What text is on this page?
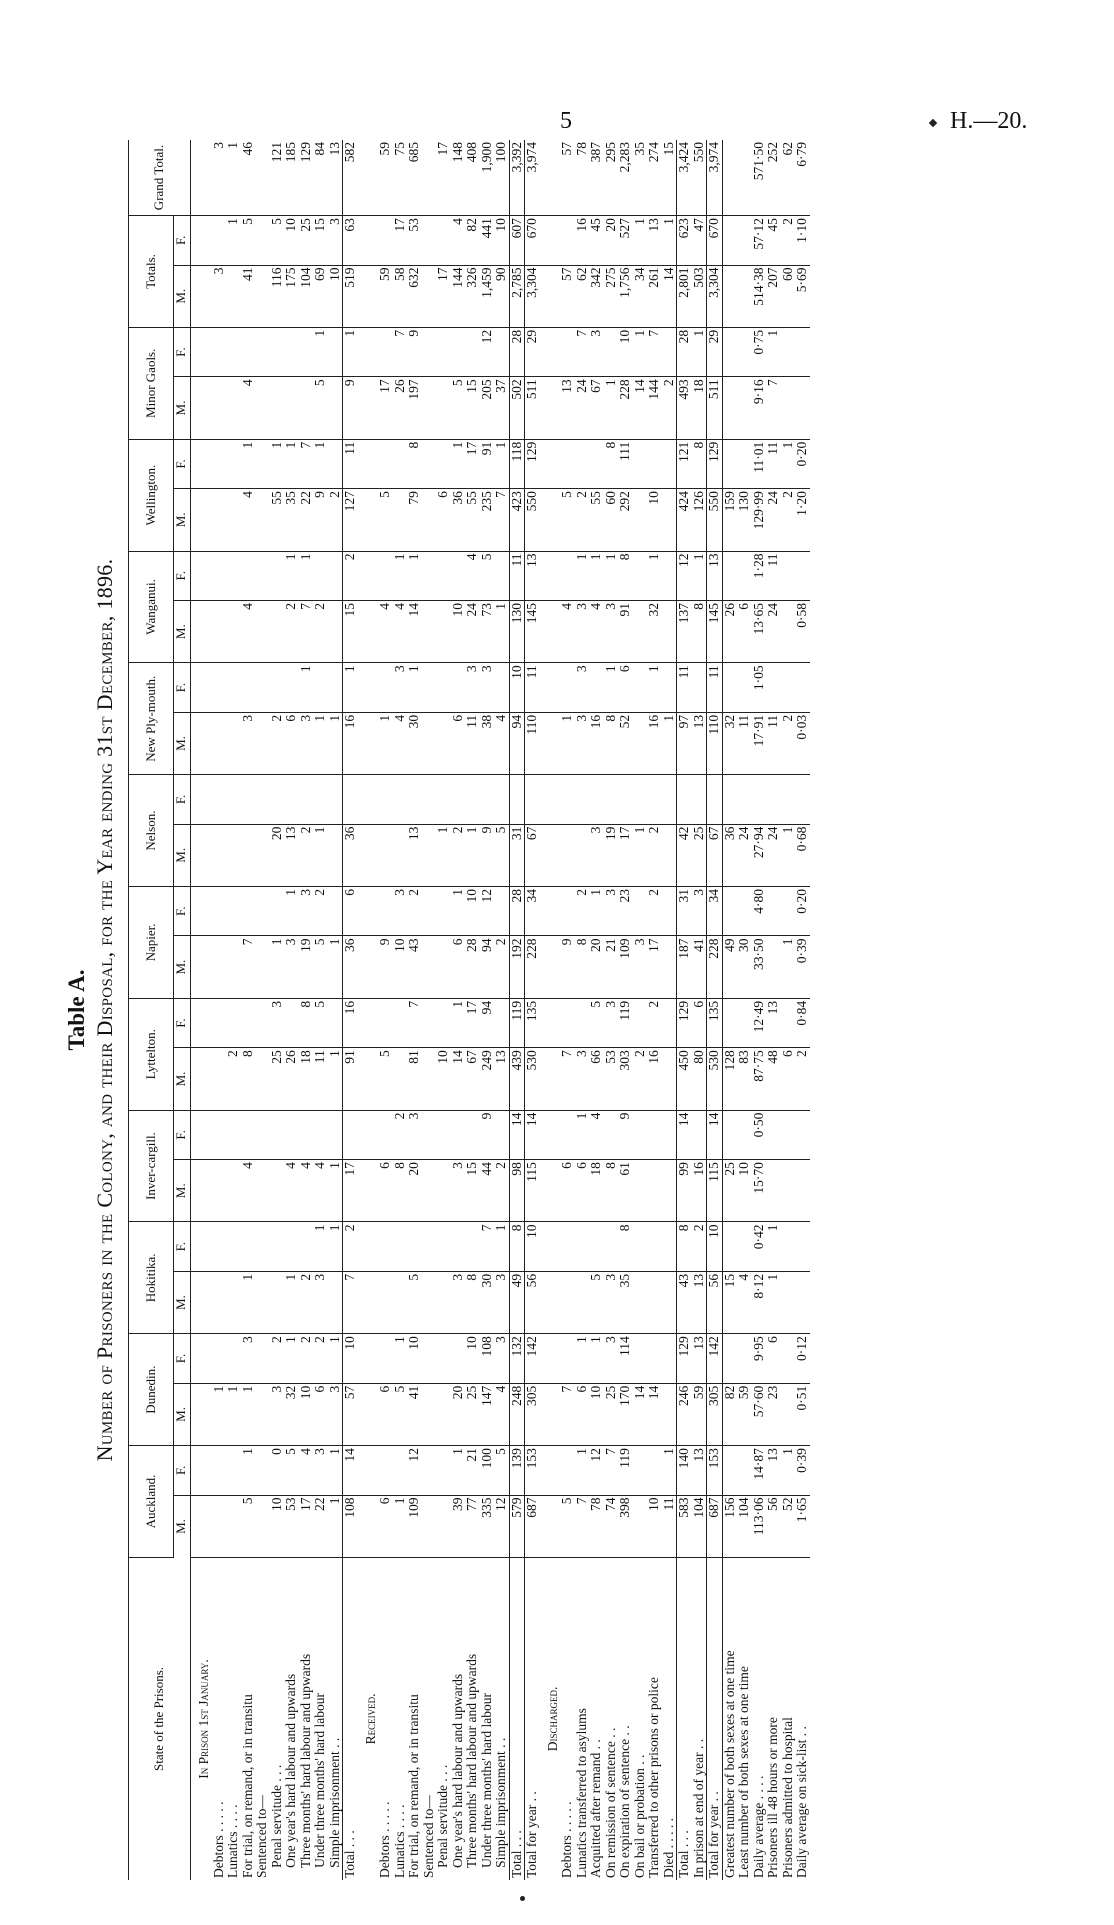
5	H.—20.
Table A. Number of Prisoners in the Colony, and their Disposal, for the Year ending 31st December, 1896.
State of the Prisons.	Auckland.		Dunedin.		Hokitika.		Inver-cargill.		Lyttelton.		Napier.		Nelson.		New Ply-mouth.		Wanganui.		Wellington.		Minor Gaols.		Totals.		Grand Total.
	M.	F.	M.	F.	M.	F.	M.	F.	M.	F.	M.	F.	M.	F.	M.	F.	M.	F.	M.	F.	M.	F.	M.	F.	
In Prison 1st January.																									
Debtors . . . . .			1																				3		3
Lunatics . . . .			1						2															1	1
For trial, on remand, or in transitu	5	1	1	3	1		4		8		7				3		4		4	1	4		41	5	46
Sentenced to—																									
Penal servitude . . .	10	0	3	2					25	3	1		20		2				55	1			116	5	121
One year's hard labour and upwards	53	5	32	1	1		4		26		3	1	13		6		2	1	35	1			175	10	185
Three months' hard labour and upwards	17	4	10	2	2		4		18	8	19	3	2		3	1	7	1	22	7			104	25	129
Under three months' hard labour	22	3	6	2	3	1	4		11	5	5	2	1		1		2		9	1	5	1	69	15	84
Simple imprisonment . .	1	1	3	1		1	1		1		1				1				2				10	3	13
Total . . .	108	14	57	10	7	2	17		91	16	36	6	36		16	1	15	2	127	11	9	1	519	63	582
Received.																									
Debtors . . . . .	6		6				6		5		9				1		4		5		17		59		59
Lunatics . . . .	1		5	1			8	2			10	3			4	3	4	1			26	7	58	17	75
For trial, on remand, or in transitu	109	12	41	10	5		20	3	81	7	43	2	13		30	1	14	1	79	8	197	9	632	53	685
Sentenced to—																									
Penal servitude . . .									10				1						6				17		17
One year's hard labour and upwards	39	1	20		3		3		14	1	6	1	2		6		10		36	1	5		144	4	148
Three months' hard labour and upwards	77	21	25	10	8		15		67	17	28	10	1		11	3	24	4	55	17	15		326	82	408
Under three months' hard labour	335	100	147	108	30	7	44	9	249	94	94	12	9		38	3	73	5	235	91	205	12	1,459	441	1,900
Simple imprisonment . .	12	5	4	3	3	1	2		13		2		5		4		1		7	1	37		90	10	100
Total . . .	579	139	248	132	49	8	98	14	439	119	192	28	31		94	10	130	11	423	118	502	28	2,785	607	3,392
Total for year . .	687	153	305	142	56	10	115	14	530	135	228	34	67		110	11	145	13	550	129	511	29	3,304	670	3,974
Discharged.																									
Debtors . . . . .	5		7				6		7		9				1		4		5		13		57		57
Lunatics transferred to asylums	7	1	6	1			6	1	3		8	2			3	3	3	1	2		24	7	62	16	78
Acquitted after remand . .	78	12	10	1	5		18	4	66	5	20	1	3		16		4	1	55		67	3	342	45	387
On remission of sentence . .	74	7	25	3	3		8		53	3	21	3	19		8	1	3	1	60	8	1		275	20	295
On expiration of sentence . .	398	119	170	114	35	8	61	9	303	119	109	23	17		52	6	91	8	292	111	228	10	1,756	527	2,283
On bail or probation . .			14						2		3		1								14	1	34	1	35
Transferred to other prisons or police	10		14						16	2	17	2	2		16	1	32	1	10		144	7	261	13	274
Died . . . . .	11	1													1						2		14	1	15
Total . . .	583	140	246	129	43	8	99	14	450	129	187	31	42		97	11	137	12	424	121	493	28	2,801	623	3,424
In prison at end of year . .	104	13	59	13	13	2	16		80	6	41	3	25		13		8	1	126	8	18	1	503	47	550
Total for year . .	687	153	305	142	56	10	115	14	530	135	228	34	67		110	11	145	13	550	129	511	29	3,304	670	3,974
Greatest number of both sexes at one time	156		82		15		25		128		49		36		32		26		159						
Least number of both sexes at one time	104		59		4		10		83		30		24		11		6		130						
Daily average . . . .	113·06	14·87	57·60	9·95	8·12	0·42	15·70	0·50	87·75	12·49	33·50	4·80	27·94		17·91	1·05	13·65	1·28	129·99	11·01	9·16	0·75	514·38	57·12	571·50
Prisoners ill 48 hours or more	56	13	23	6	1	1			48	13			24		11		24	11	24	11	7	1	207	45	252
Prisoners admitted to hospital	52	1							6		1		1		2				2	1			60	2	62
Daily average on sick-list . .	1·65	0·39	0·51	0·12					2	0·84	0·39	0·20	0·68		0·03		0·58		1·20	0·20			5·69	1·10	6·79
